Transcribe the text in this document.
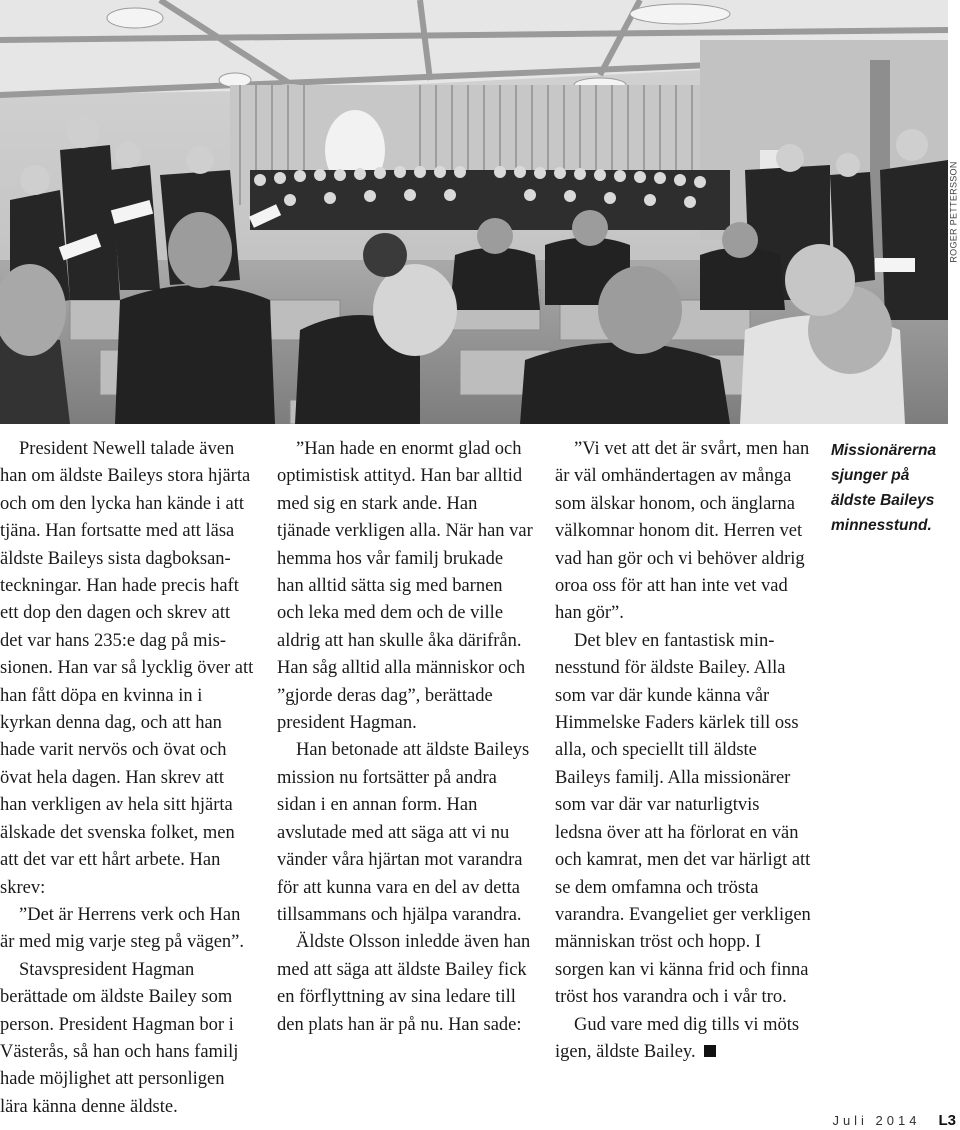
ROGER PETTERSSON

President Newell talade även han om äldste Baileys stora hjärta och om den lycka han kände i att tjäna. Han fortsatte med att läsa äldste Baileys sista dagboksanteckningar. Han hade precis haft ett dop den dagen och skrev att det var hans 235:e dag på missionen. Han var så lycklig över att han fått döpa en kvinna in i kyrkan denna dag, och att han hade varit nervös och övat och övat hela dagen. Han skrev att han verkligen av hela sitt hjärta älskade det svenska folket, men att det var ett hårt arbete. Han skrev:

”Det är Herrens verk och Han är med mig varje steg på vägen”.

Stavspresident Hagman berättade om äldste Bailey som person. President Hagman bor i Västerås, så han och hans familj hade möjlighet att personligen lära känna denne äldste.

”Han hade en enormt glad och optimistisk attityd. Han bar alltid med sig en stark ande. Han tjänade verkligen alla. När han var hemma hos vår familj brukade han alltid sätta sig med barnen och leka med dem och de ville aldrig att han skulle åka därifrån. Han såg alltid alla människor och ”gjorde deras dag”, berättade president Hagman.

Han betonade att äldste Baileys mission nu fortsätter på andra sidan i en annan form. Han avslutade med att säga att vi nu vänder våra hjärtan mot varandra för att kunna vara en del av detta tillsammans och hjälpa varandra.

Äldste Olsson inledde även han med att säga att äldste Bailey fick en förflyttning av sina ledare till den plats han är på nu. Han sade:

”Vi vet att det är svårt, men han är väl omhändertagen av många som älskar honom, och änglarna välkomnar honom dit. Herren vet vad han gör och vi behöver aldrig oroa oss för att han inte vet vad han gör”.

Det blev en fantastisk minnesstund för äldste Bailey. Alla som var där kunde känna vår Himmelske Faders kärlek till oss alla, och speciellt till äldste Baileys familj. Alla missionärer som var där var naturligtvis ledsna över att ha förlorat en vän och kamrat, men det var härligt att se dem omfamna och trösta varandra. Evangeliet ger verkligen människan tröst och hopp. I sorgen kan vi känna frid och finna tröst hos varandra och i vår tro.

Gud vare med dig tills vi möts igen, äldste Bailey.

Missionärerna
sjunger på
äldste Baileys
minnesstund.
Juli 2014 L3
